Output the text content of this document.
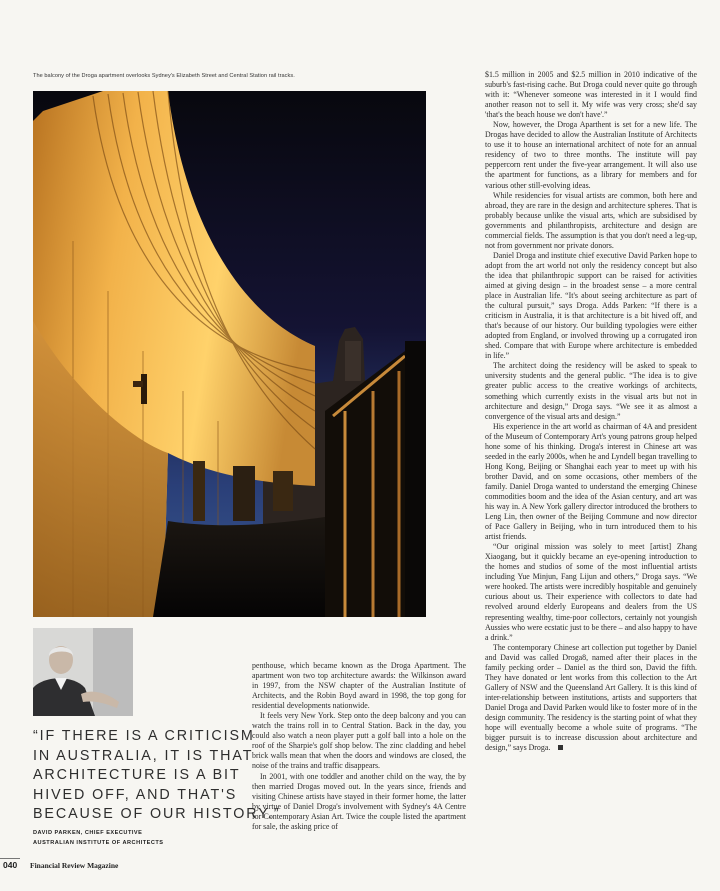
The balcony of the Droga apartment overlooks Sydney's Elizabeth Street and Central Station rail tracks.
“IF THERE IS A CRITICISM
IN AUSTRALIA, IT IS THAT
ARCHITECTURE IS A BIT
HIVED OFF, AND THAT'S
BECAUSE OF OUR HISTORY.”
DAVID PARKEN, CHIEF EXECUTIVE
AUSTRALIAN INSTITUTE OF ARCHITECTS

penthouse, which became known as the Droga Apartment. The apartment won two top architecture awards: the Wilkinson award in 1997, from the NSW chapter of the Australian Institute of Architects, and the Robin Boyd award in 1998, the top gong for residential developments nationwide.

It feels very New York. Step onto the deep balcony and you can watch the trains roll in to Central Station. Back in the day, you could also watch a neon player putt a golf ball into a hole on the roof of the Sharpie's golf shop below. The zinc cladding and hebel brick walls mean that when the doors and windows are closed, the noise of the trains and traffic disappears.

In 2001, with one toddler and another child on the way, the by then married Drogas moved out. In the years since, friends and visiting Chinese artists have stayed in their former home, the latter by virtue of Daniel Droga's involvement with Sydney's 4A Centre for Contemporary Asian Art. Twice the couple listed the apartment for sale, the asking price of

$1.5 million in 2005 and $2.5 million in 2010 indicative of the suburb's fast-rising cache. But Droga could never quite go through with it: “Whenever someone was interested in it I would find another reason not to sell it. My wife was very cross; she'd say 'that's the beach house we don't have'.”

Now, however, the Droga Aparthent is set for a new life. The Drogas have decided to allow the Australian Institute of Architects to use it to house an international architect of note for an annual residency of two to three months. The institute will pay peppercorn rent under the five-year arrangement. It will also use the apartment for functions, as a library for members and for various other still-evolving ideas.

While residencies for visual artists are common, both here and abroad, they are rare in the design and architecture spheres. That is probably because unlike the visual arts, which are subsidised by governments and philanthropists, architecture and design are commercial fields. The assumption is that you don't need a leg-up, not from government nor private donors.

Daniel Droga and institute chief executive David Parken hope to adopt from the art world not only the residency concept but also the idea that philanthropic support can be raised for activities aimed at giving design – in the broadest sense – a more central place in Australian life. “It's about seeing architecture as part of the cultural pursuit,” says Droga. Adds Parken: “If there is a criticism in Australia, it is that architecture is a bit hived off, and that's because of our history. Our building typologies were either adopted from England, or involved throwing up a corrugated iron shed. Compare that with Europe where architecture is embedded in life.”

The architect doing the residency will be asked to speak to university students and the general public. “The idea is to give greater public access to the creative workings of architects, something which currently exists in the visual arts but not in architecture and design,” Droga says. “We see it as almost a convergence of the visual arts and design.”

His experience in the art world as chairman of 4A and president of the Museum of Contemporary Art's young patrons group helped hone some of his thinking. Droga's interest in Chinese art was seeded in the early 2000s, when he and Lyndell began travelling to Hong Kong, Beijing or Shanghai each year to meet up with his brother David, and on some occasions, other members of the family. Daniel Droga wanted to understand the emerging Chinese commodities boom and the idea of the Asian century, and art was his way in. A New York gallery director introduced the brothers to Leng Lin, then owner of the Beijing Commune and now director of Pace Gallery in Beijing, who in turn introduced them to his artist friends.

“Our original mission was solely to meet [artist] Zhang Xiaogang, but it quickly became an eye-opening introduction to the homes and studios of some of the most influential artists including Yue Minjun, Fang Lijun and others,” Droga says. “We were hooked. The artists were incredibly hospitable and genuinely curious about us. Their experience with collectors to date had revolved around elderly Europeans and dealers from the US representing wealthy, time-poor collectors, certainly not youngish Aussies who were ecstatic just to be there – and also happy to have a drink.”

The contemporary Chinese art collection put together by Daniel and David was called Droga8, named after their places in the family pecking order – Daniel as the third son, David the fifth. They have donated or lent works from this collection to the Art Gallery of NSW and the Queensland Art Gallery. It is this kind of inter-relationship between institutions, artists and supporters that Daniel Droga and David Parken would like to foster more of in the design community. The residency is the starting point of what they hope will eventually become a whole suite of programs. “The bigger pursuit is to increase discussion about architecture and design,” says Droga.

040 Financial Review Magazine
